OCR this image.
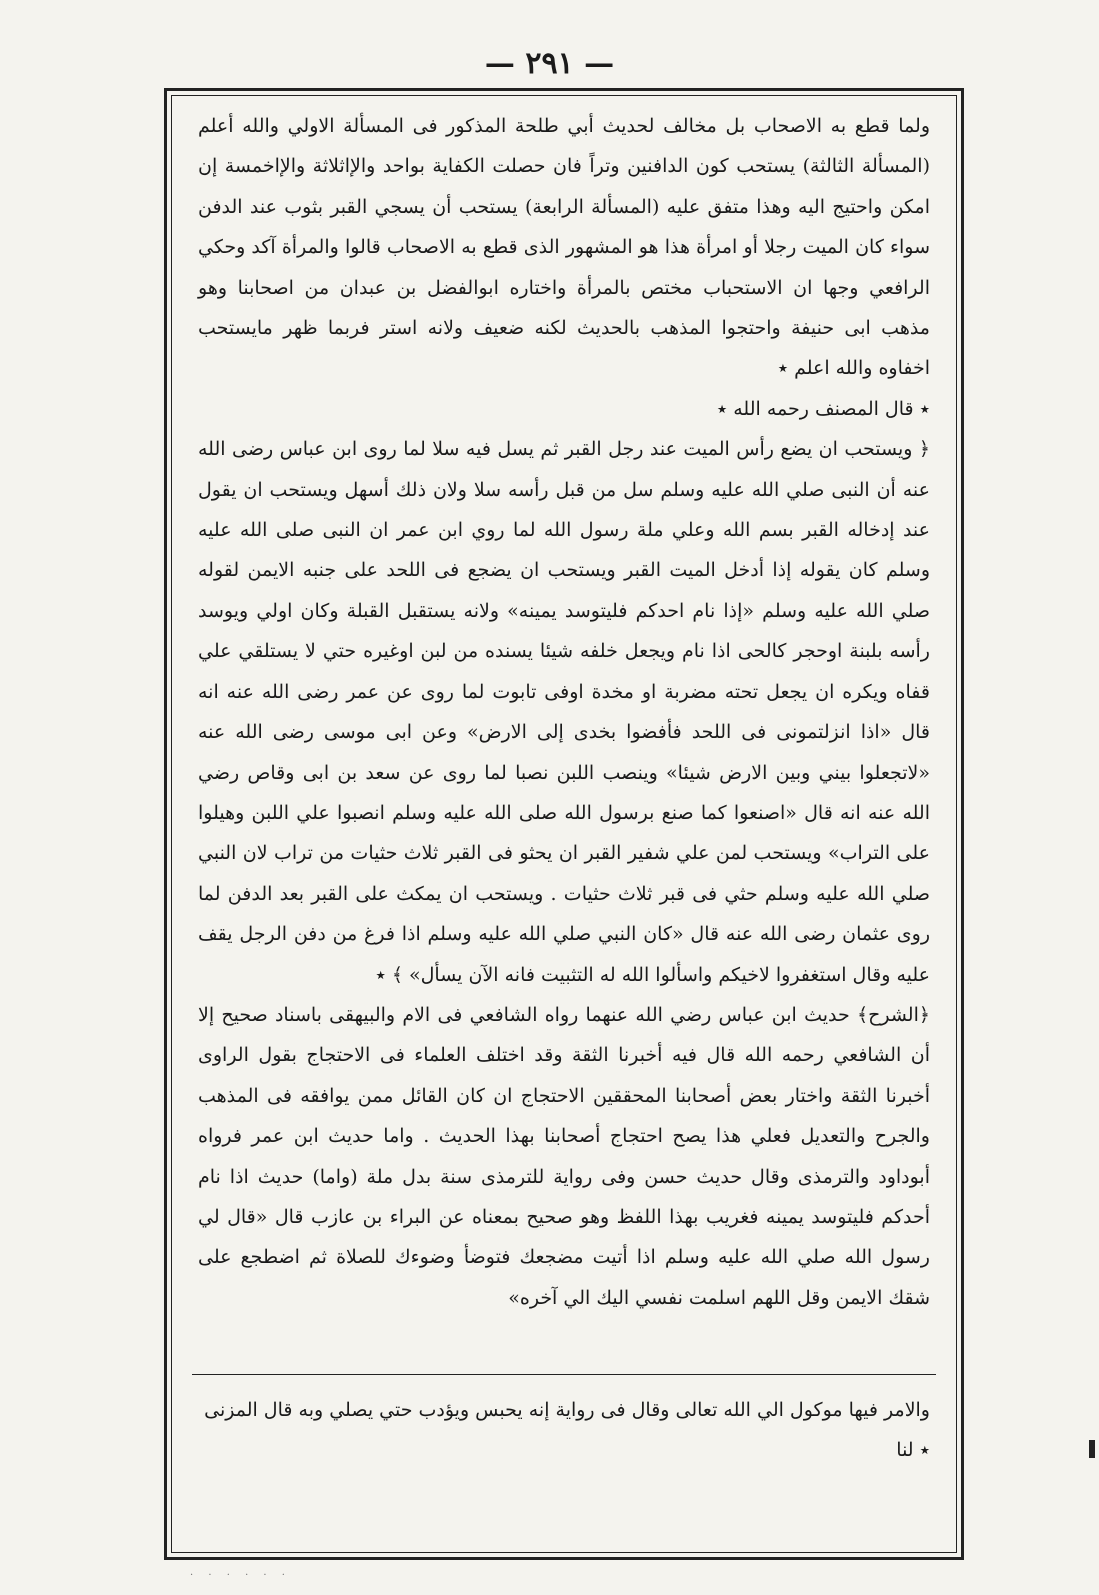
— ٢٩١ —

ولما قطع به الاصحاب بل مخالف لحديث أبي طلحة المذكور فى المسألة الاولي والله أعلم (المسألة الثالثة) يستحب كون الدافنين وتراً فان حصلت الكفاية بواحد والإاثلاثة والإاخمسة إن امكن واحتيج اليه وهذا متفق عليه (المسألة الرابعة) يستحب أن يسجي القبر بثوب عند الدفن سواء كان الميت رجلا أو امرأة هذا هو المشهور الذى قطع به الاصحاب قالوا والمرأة آكد وحكي الرافعي وجها ان الاستحباب مختص بالمرأة واختاره ابوالفضل بن عبدان من اصحابنا وهو مذهب ابى حنيفة واحتجوا المذهب بالحديث لكنه ضعيف ولانه استر فربما ظهر مايستحب اخفاوه والله اعلم ٭

٭ قال المصنف رحمه الله ٭

﴿ ويستحب ان يضع رأس الميت عند رجل القبر ثم يسل فيه سلا لما روى ابن عباس رضى الله عنه أن النبى صلي الله عليه وسلم سل من قبل رأسه سلا ولان ذلك أسهل ويستحب ان يقول عند إدخاله القبر بسم الله وعلي ملة رسول الله لما روي ابن عمر ان النبى صلى الله عليه وسلم كان يقوله إذا أدخل الميت القبر ويستحب ان يضجع فى اللحد على جنبه الايمن لقوله صلي الله عليه وسلم «إذا نام احدكم فليتوسد يمينه» ولانه يستقبل القبلة وكان اولي ويوسد رأسه بلبنة اوحجر كالحى اذا نام ويجعل خلفه شيئا يسنده من لبن اوغيره حتي لا يستلقي علي قفاه ويكره ان يجعل تحته مضربة او مخدة اوفى تابوت لما روى عن عمر رضى الله عنه انه قال «اذا انزلتمونى فى اللحد فأفضوا بخدى إلى الارض» وعن ابى موسى رضى الله عنه «لاتجعلوا بيني وبين الارض شيئا» وينصب اللبن نصبا لما روى عن سعد بن ابى وقاص رضي الله عنه انه قال «اصنعوا كما صنع برسول الله صلى الله عليه وسلم انصبوا علي اللبن وهيلوا على التراب» ويستحب لمن علي شفير القبر ان يحثو فى القبر ثلاث حثيات من تراب لان النبي صلي الله عليه وسلم حثي فى قبر ثلاث حثيات . ويستحب ان يمكث على القبر بعد الدفن لما روى عثمان رضى الله عنه قال «كان النبي صلي الله عليه وسلم اذا فرغ من دفن الرجل يقف عليه وقال استغفروا لاخيكم واسألوا الله له التثبيت فانه الآن يسأل» ﴾ ٭

﴿الشرح﴾ حديث ابن عباس رضي الله عنهما رواه الشافعي فى الام والبيهقى باسناد صحيح إلا أن الشافعي رحمه الله قال فيه أخبرنا الثقة وقد اختلف العلماء فى الاحتجاج بقول الراوى أخبرنا الثقة واختار بعض أصحابنا المحققين الاحتجاج ان كان القائل ممن يوافقه فى المذهب والجرح والتعديل فعلي هذا يصح احتجاج أصحابنا بهذا الحديث . واما حديث ابن عمر فرواه أبوداود والترمذى وقال حديث حسن وفى رواية للترمذى سنة بدل ملة (واما) حديث اذا نام أحدكم فليتوسد يمينه فغريب بهذا اللفظ وهو صحيح بمعناه عن البراء بن عازب قال «قال لي رسول الله صلي الله عليه وسلم اذا أتيت مضجعك فتوضأ وضوءك للصلاة ثم اضطجع على شقك الايمن وقل اللهم اسلمت نفسي اليك الي آخره»

والامر فيها موكول الي الله تعالى وقال فى رواية إنه يحبس ويؤدب حتي يصلي وبه قال المزنى ٭ لنا
· · · · · ·
